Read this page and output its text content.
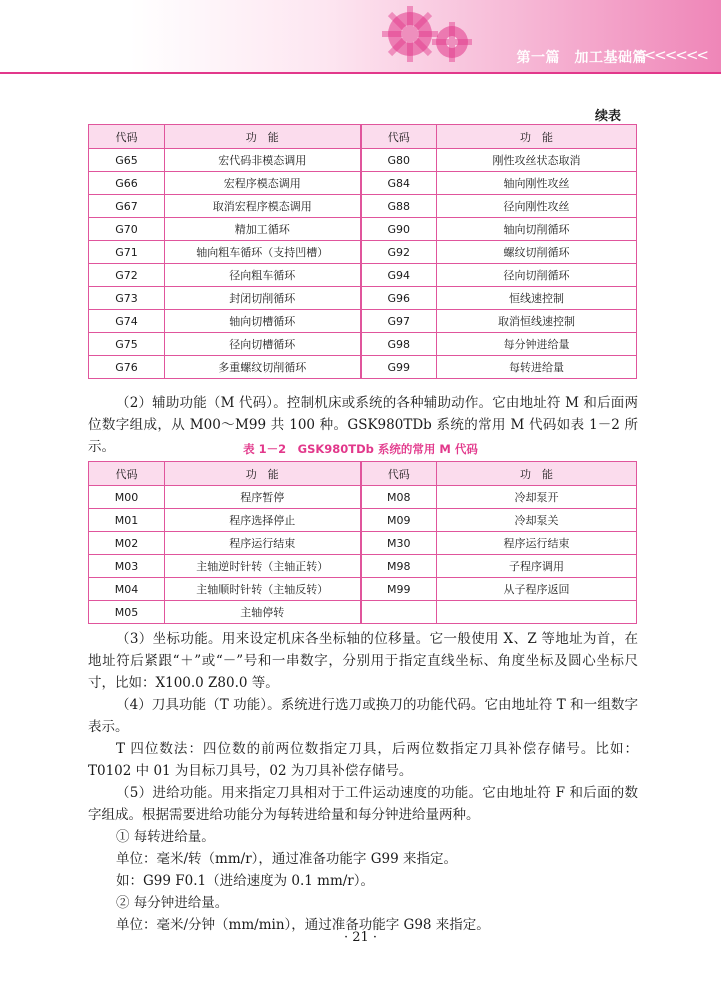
第一篇　加工基础篇
<<<<<<<
续表
代码	功　能	代码	功　能
G65	宏代码非模态调用	G80	刚性攻丝状态取消
G66	宏程序模态调用	G84	轴向刚性攻丝
G67	取消宏程序模态调用	G88	径向刚性攻丝
G70	精加工循环	G90	轴向切削循环
G71	轴向粗车循环（支持凹槽）	G92	螺纹切削循环
G72	径向粗车循环	G94	径向切削循环
G73	封闭切削循环	G96	恒线速控制
G74	轴向切槽循环	G97	取消恒线速控制
G75	径向切槽循环	G98	每分钟进给量
G76	多重螺纹切削循环	G99	每转进给量

（2）辅助功能（M 代码）。控制机床或系统的各种辅助动作。它由地址符 M 和后面两位数字组成，从 M00～M99 共 100 种。GSK980TDb 系统的常用 M 代码如表 1－2 所示。	表 1－2　GSK980TDb 系统的常用 M 代码
代码	功　能	代码	功　能
M00	程序暂停	M08	冷却泵开
M01	程序选择停止	M09	冷却泵关
M02	程序运行结束	M30	程序运行结束
M03	主轴逆时针转（主轴正转）	M98	子程序调用
M04	主轴顺时针转（主轴反转）	M99	从子程序返回
M05	主轴停转		

（3）坐标功能。用来设定机床各坐标轴的位移量。它一般使用 X、Z 等地址为首，在地址符后紧跟“＋”或“－”号和一串数字，分别用于指定直线坐标、角度坐标及圆心坐标尺寸，比如：X100.0 Z80.0 等。

（4）刀具功能（T 功能）。系统进行选刀或换刀的功能代码。它由地址符 T 和一组数字表示。

T 四位数法：四位数的前两位数指定刀具，后两位数指定刀具补偿存储号。比如：T0102 中 01 为目标刀具号，02 为刀具补偿存储号。

（5）进给功能。用来指定刀具相对于工件运动速度的功能。它由地址符 F 和后面的数字组成。根据需要进给功能分为每转进给量和每分钟进给量两种。

① 每转进给量。

单位：毫米/转（mm/r），通过准备功能字 G99 来指定。

如：G99 F0.1（进给速度为 0.1 mm/r）。

② 每分钟进给量。

单位：毫米/分钟（mm/min），通过准备功能字 G98 来指定。

· 21 ·
